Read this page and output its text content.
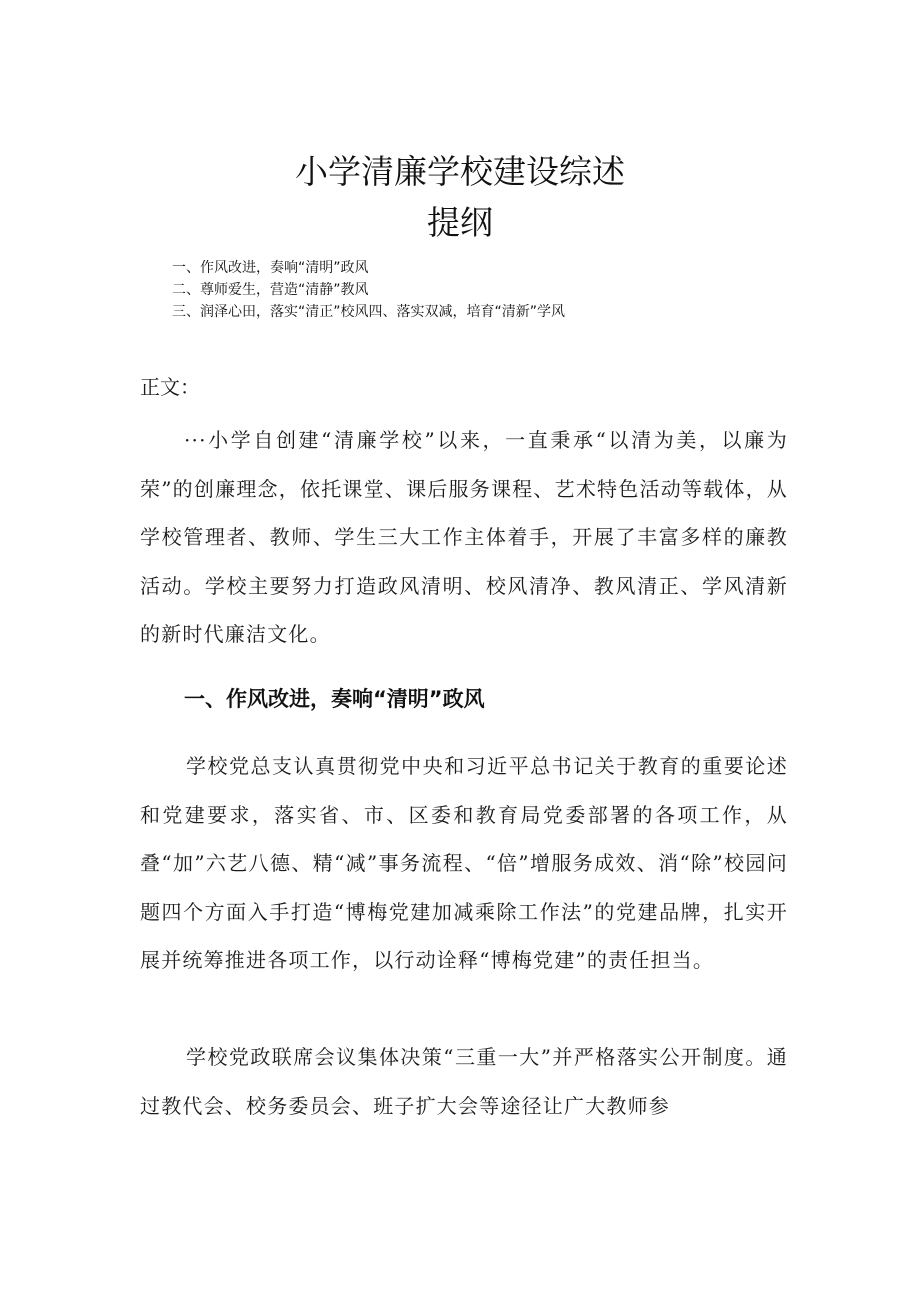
小学清廉学校建设综述
提纲
一、作风改进，奏响“清明”政风
二、尊师爱生，营造“清静”教风
三、润泽心田，落实“清正”校风四、落实双减，培育“清新”学风
正文：

···小学自创建“清廉学校”以来，一直秉承“以清为美，以廉为荣”的创廉理念，依托课堂、课后服务课程、艺术特色活动等载体，从学校管理者、教师、学生三大工作主体着手，开展了丰富多样的廉教活动。学校主要努力打造政风清明、校风清净、教风清正、学风清新的新时代廉洁文化。

一、作风改进，奏响“清明”政风

学校党总支认真贯彻党中央和习近平总书记关于教育的重要论述和党建要求，落实省、市、区委和教育局党委部署的各项工作，从叠“加”六艺八德、精“减”事务流程、“倍”增服务成效、消“除”校园问题四个方面入手打造“博梅党建加减乘除工作法”的党建品牌，扎实开展并统筹推进各项工作，以行动诠释“博梅党建”的责任担当。

学校党政联席会议集体决策“三重一大”并严格落实公开制度。通过教代会、校务委员会、班子扩大会等途径让广大教师参
